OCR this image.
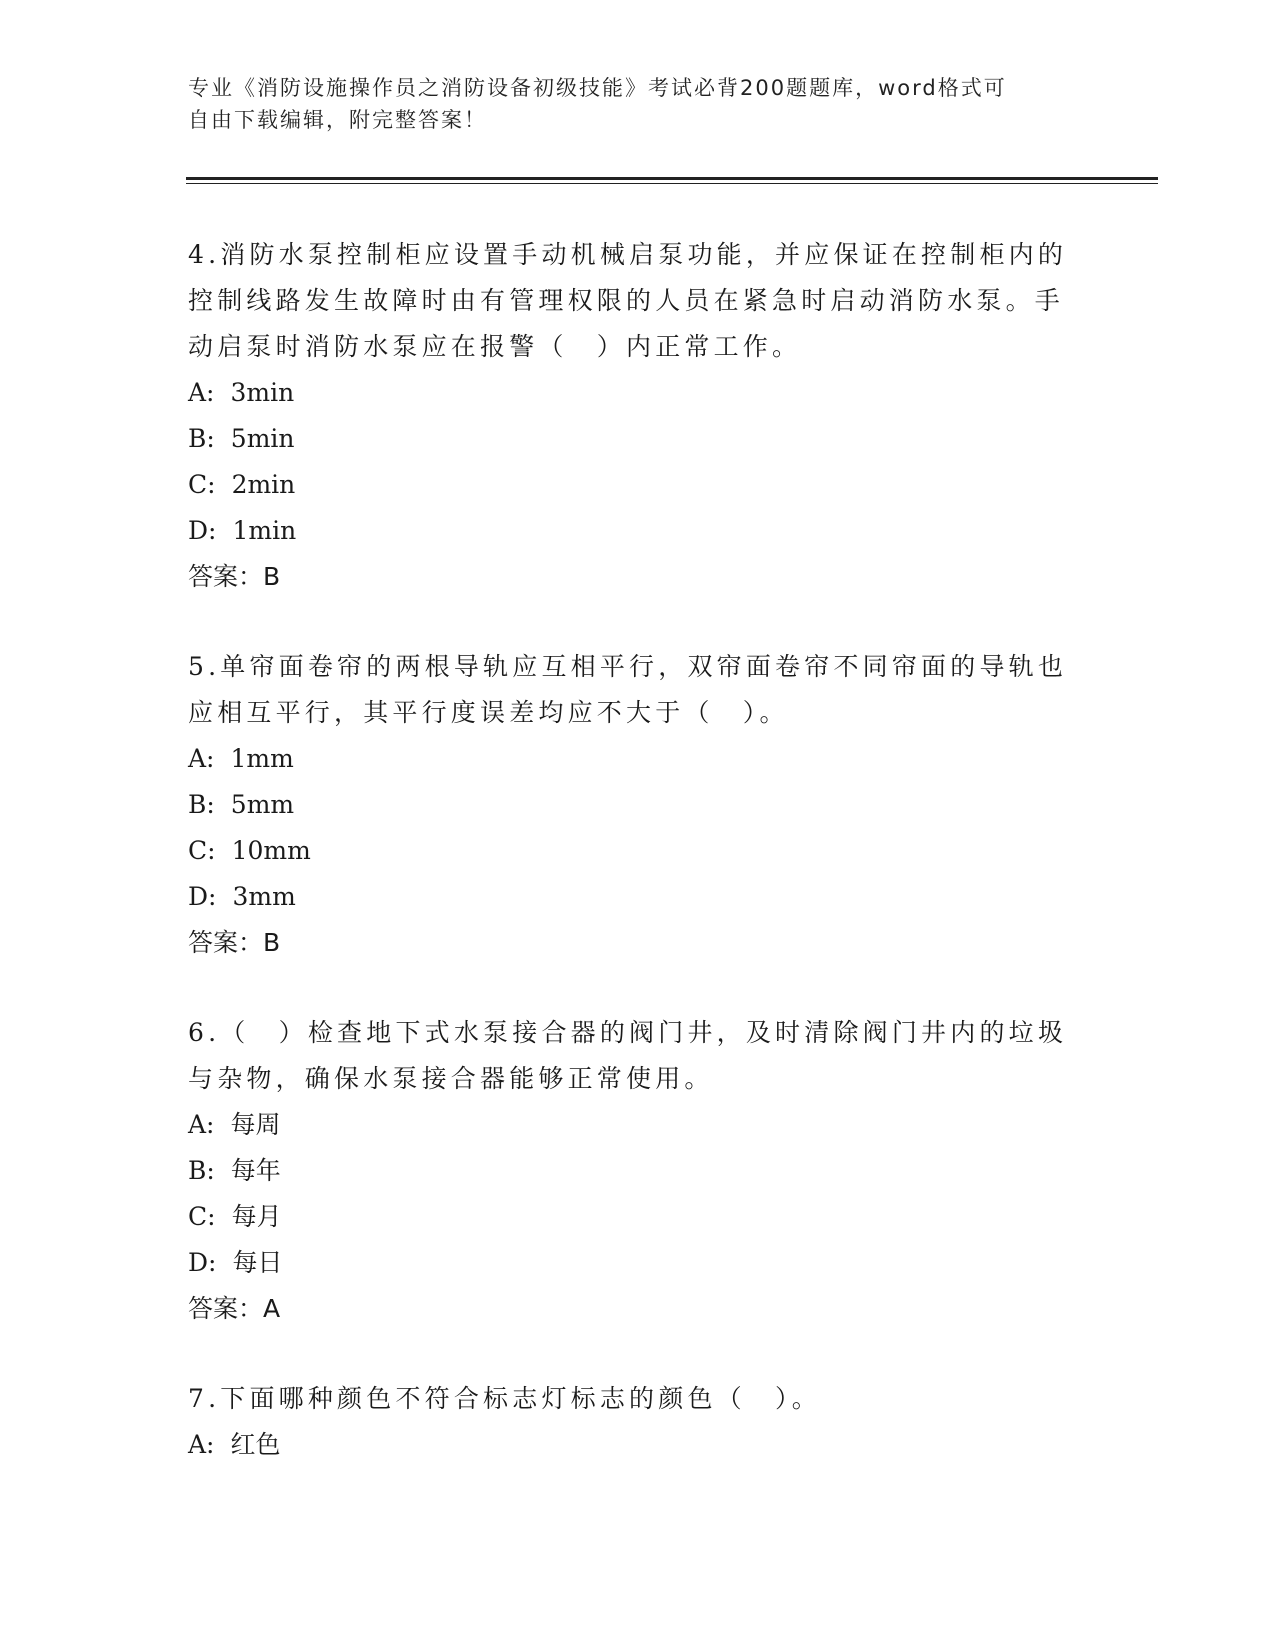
专业《消防设施操作员之消防设备初级技能》考试必背200题题库，word格式可
自由下载编辑，附完整答案！
4.消防水泵控制柜应设置手动机械启泵功能，并应保证在控制柜内的
控制线路发生故障时由有管理权限的人员在紧急时启动消防水泵。手
动启泵时消防水泵应在报警（　）内正常工作。
A: 3min
B: 5min
C: 2min
D: 1min
答案：B
5.单帘面卷帘的两根导轨应互相平行，双帘面卷帘不同帘面的导轨也
应相互平行，其平行度误差均应不大于（　）。
A: 1mm
B: 5mm
C: 10mm
D: 3mm
答案：B
6.（　）检查地下式水泵接合器的阀门井，及时清除阀门井内的垃圾
与杂物，确保水泵接合器能够正常使用。
A: 每周
B: 每年
C: 每月
D: 每日
答案：A
7.下面哪种颜色不符合标志灯标志的颜色（　）。
A: 红色
